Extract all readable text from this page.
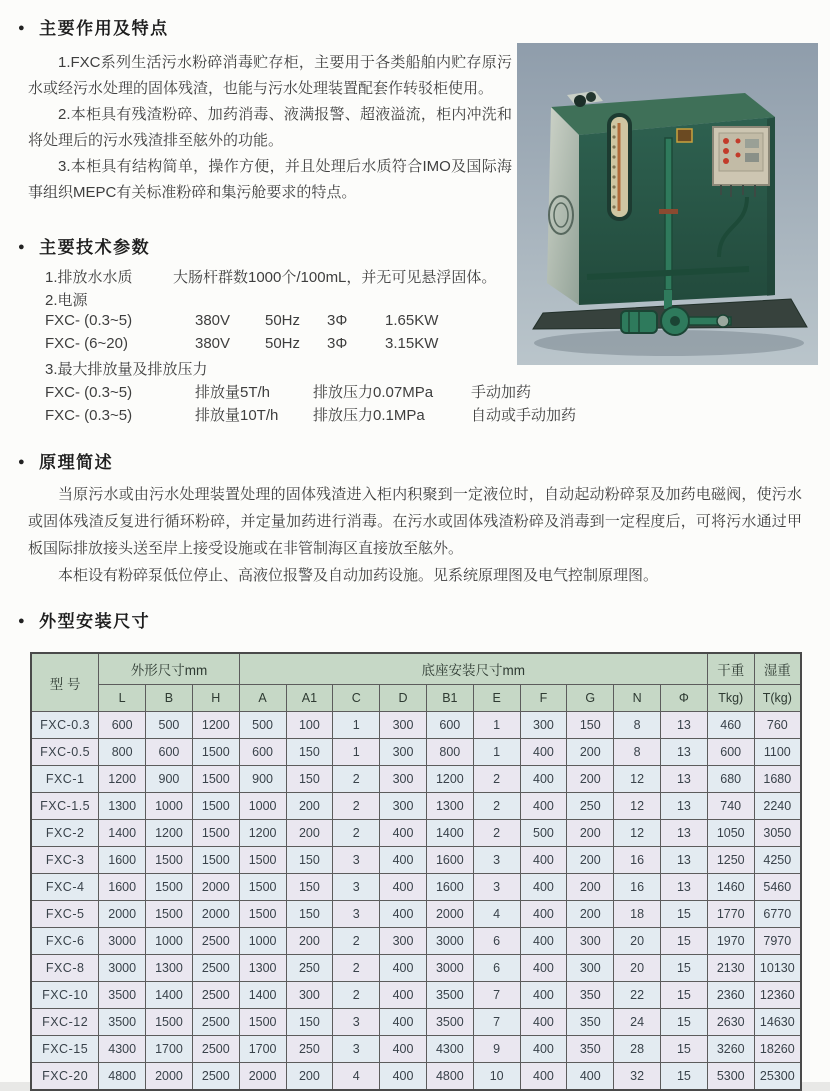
● 主要作用及特点

1.FXC系列生活污水粉碎消毒贮存柜，主要用于各类船舶内贮存原污水或经污水处理的固体残渣，也能与污水处理装置配套作转驳柜使用。

2.本柜具有残渣粉碎、加药消毒、液满报警、超液溢流，柜内冲洗和将处理后的污水残渣排至舷外的功能。

3.本柜具有结构简单，操作方便，并且处理后水质符合IMO及国际海事组织MEPC有关标准粉碎和集污舱要求的特点。

● 主要技术参数
1.排放水水质	大肠杆群数1000个/100mL，并无可见悬浮固体。
2.电源
FXC- (0.3~5)	380V	50Hz	3Φ	1.65KW
FXC- (6~20)	380V	50Hz	3Φ	3.15KW
3.最大排放量及排放压力
FXC- (0.3~5)	排放量5T/h	排放压力0.07MPa	手动加药
FXC- (0.3~5)	排放量10T/h	排放压力0.1MPa	自动或手动加药
● 原理简述

当原污水或由污水处理装置处理的固体残渣进入柜内积聚到一定液位时，自动起动粉碎泵及加药电磁阀，使污水或固体残渣反复进行循环粉碎，并定量加药进行消毒。在污水或固体残渣粉碎及消毒到一定程度后，可将污水通过甲板国际排放接头送至岸上接受设施或在非管制海区直接放至舷外。

本柜设有粉碎泵低位停止、高液位报警及自动加药设施。见系统原理图及电气控制原理图。

● 外型安装尺寸
型 号	外形尺寸mm			底座安装尺寸mm										干重	湿重
	L	B	H	A	A1	C	D	B1	E	F	G	N	Φ	Tkg)	T(kg)
FXC-0.3	600	500	1200	500	100	1	300	600	1	300	150	8	13	460	760
FXC-0.5	800	600	1500	600	150	1	300	800	1	400	200	8	13	600	1100
FXC-1	1200	900	1500	900	150	2	300	1200	2	400	200	12	13	680	1680
FXC-1.5	1300	1000	1500	1000	200	2	300	1300	2	400	250	12	13	740	2240
FXC-2	1400	1200	1500	1200	200	2	400	1400	2	500	200	12	13	1050	3050
FXC-3	1600	1500	1500	1500	150	3	400	1600	3	400	200	16	13	1250	4250
FXC-4	1600	1500	2000	1500	150	3	400	1600	3	400	200	16	13	1460	5460
FXC-5	2000	1500	2000	1500	150	3	400	2000	4	400	200	18	15	1770	6770
FXC-6	3000	1000	2500	1000	200	2	300	3000	6	400	300	20	15	1970	7970
FXC-8	3000	1300	2500	1300	250	2	400	3000	6	400	300	20	15	2130	10130
FXC-10	3500	1400	2500	1400	300	2	400	3500	7	400	350	22	15	2360	12360
FXC-12	3500	1500	2500	1500	150	3	400	3500	7	400	350	24	15	2630	14630
FXC-15	4300	1700	2500	1700	250	3	400	4300	9	400	350	28	15	3260	18260
FXC-20	4800	2000	2500	2000	200	4	400	4800	10	400	400	32	15	5300	25300
